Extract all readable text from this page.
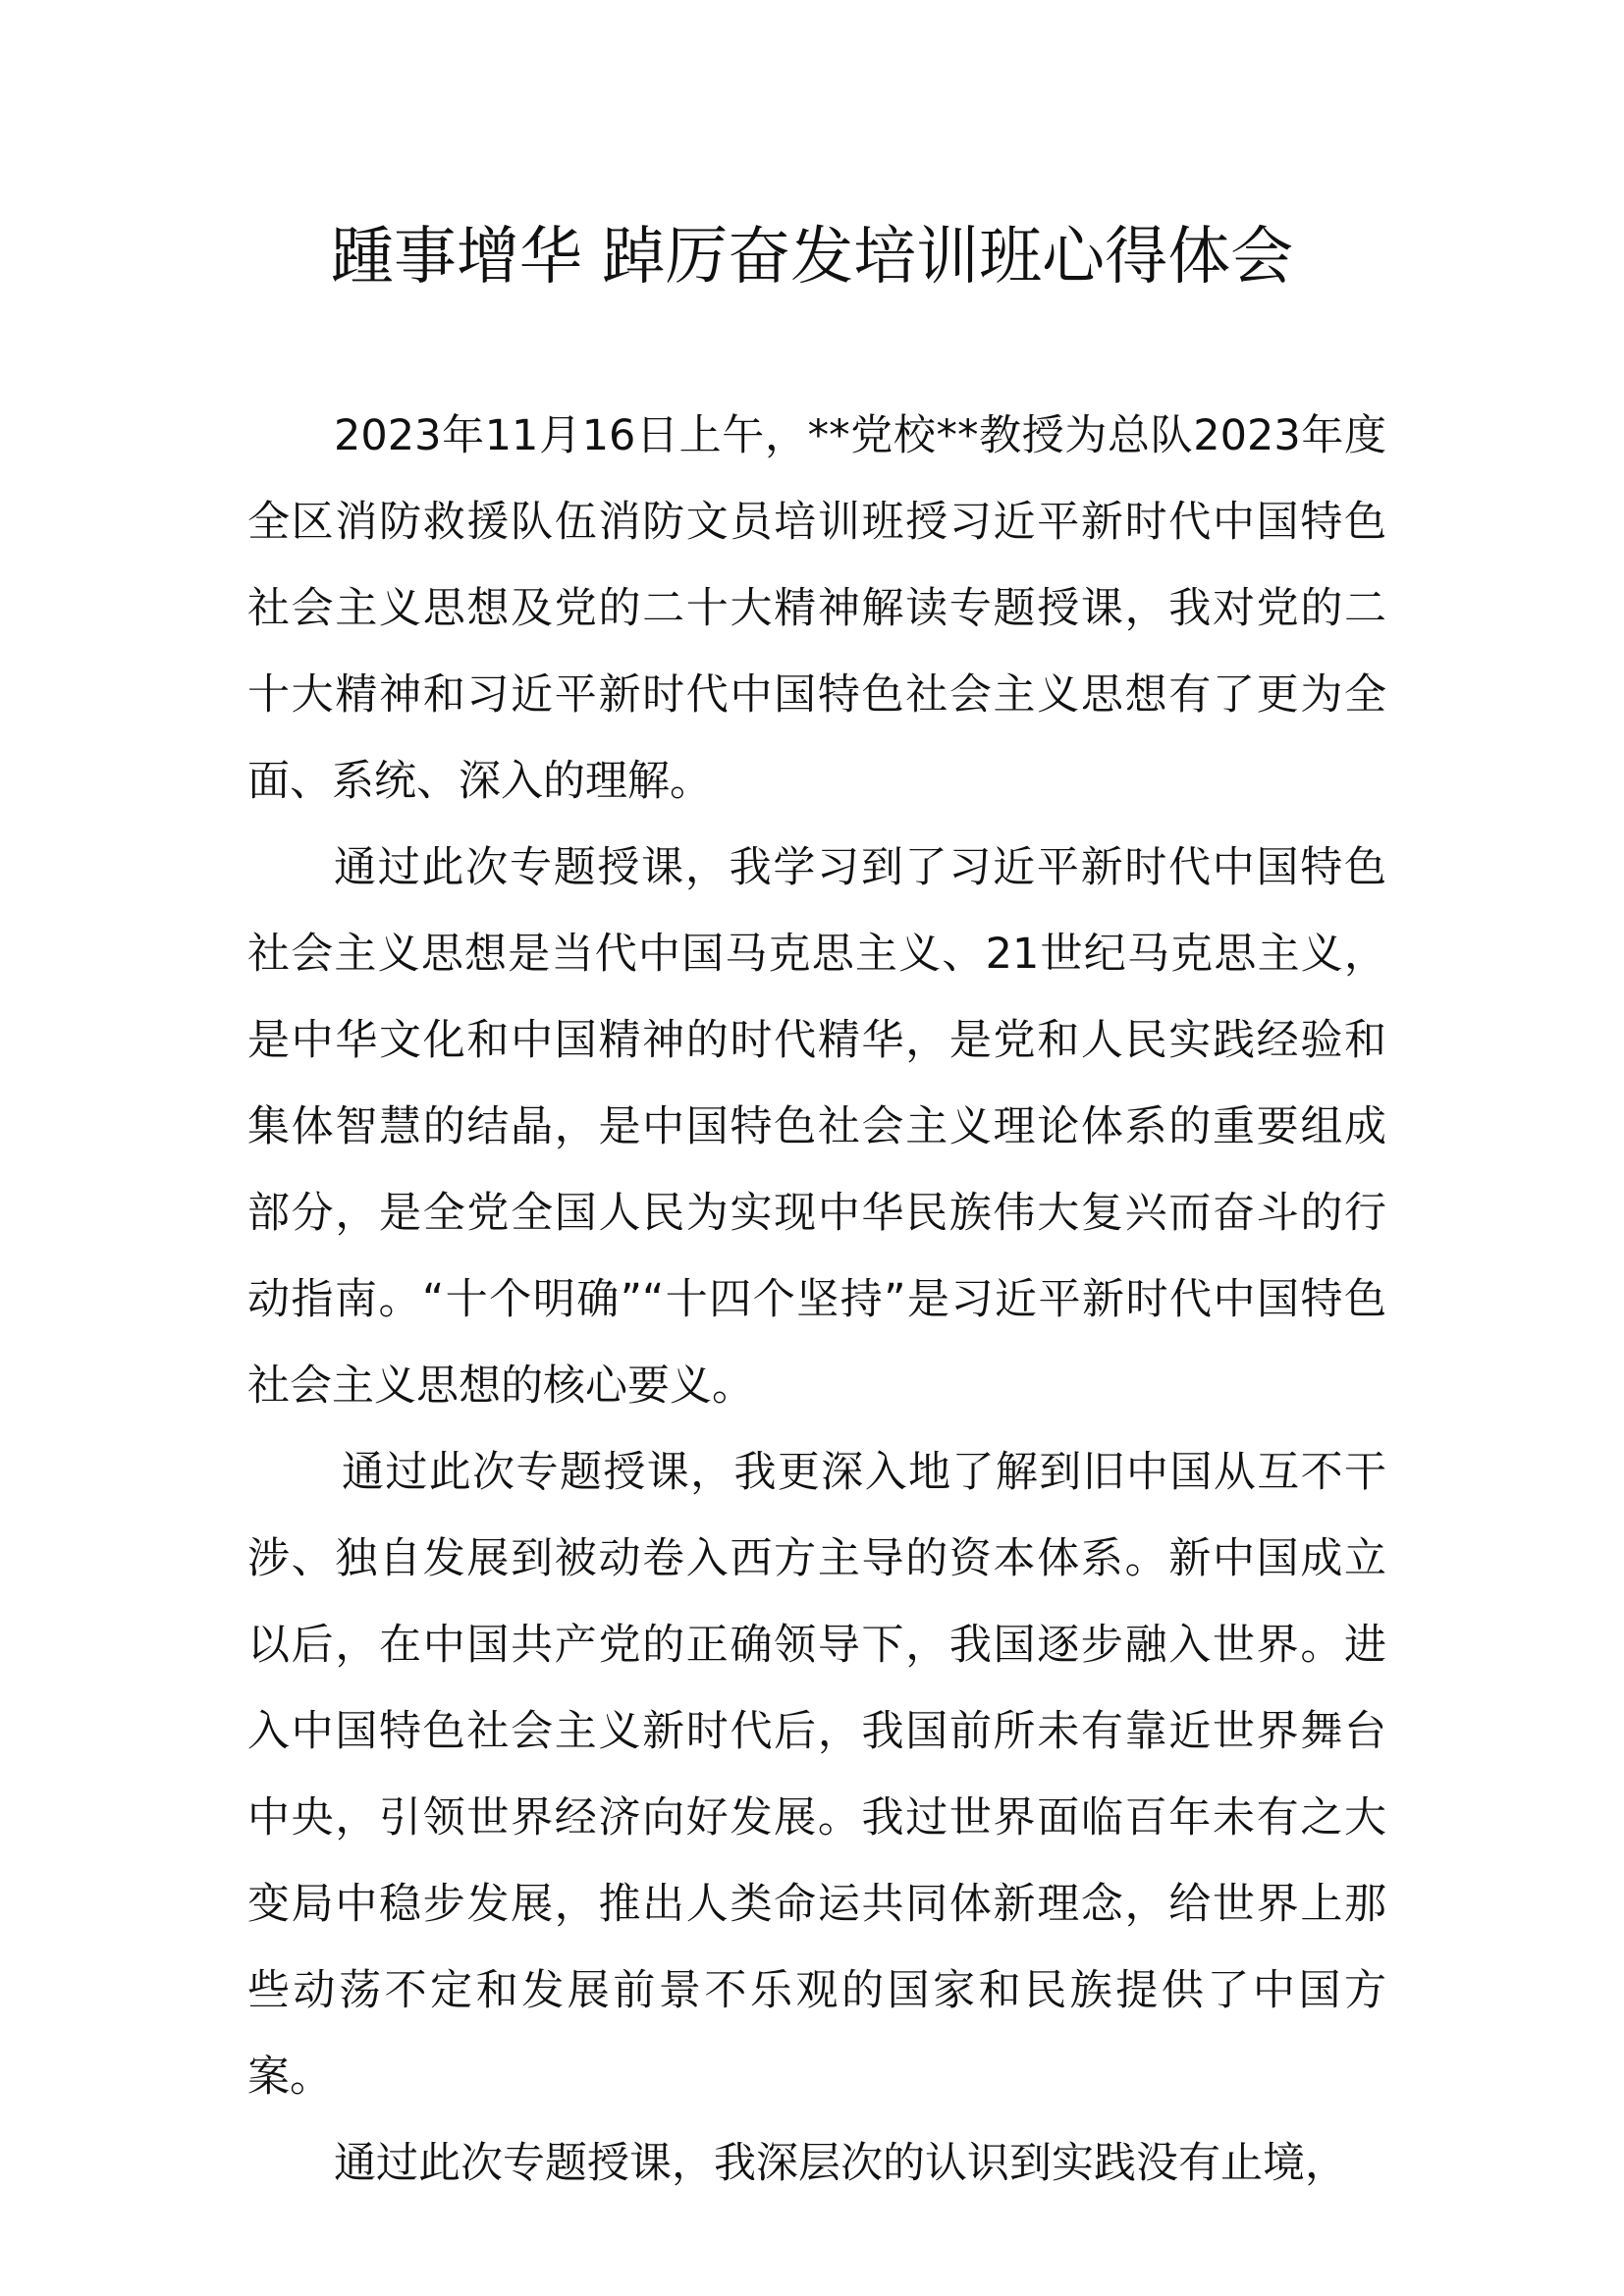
踵事增华 踔厉奋发培训班心得体会

2023年11月16日上午，**党校**教授为总队2023年度全区消防救援队伍消防文员培训班授习近平新时代中国特色社会主义思想及党的二十大精神解读专题授课，我对党的二十大精神和习近平新时代中国特色社会主义思想有了更为全面、系统、深入的理解。

通过此次专题授课，我学习到了习近平新时代中国特色社会主义思想是当代中国马克思主义、21世纪马克思主义，是中华文化和中国精神的时代精华，是党和人民实践经验和集体智慧的结晶，是中国特色社会主义理论体系的重要组成部分，是全党全国人民为实现中华民族伟大复兴而奋斗的行动指南。“十个明确”“十四个坚持”是习近平新时代中国特色社会主义思想的核心要义。

通过此次专题授课，我更深入地了解到旧中国从互不干涉、独自发展到被动卷入西方主导的资本体系。新中国成立以后，在中国共产党的正确领导下，我国逐步融入世界。进入中国特色社会主义新时代后，我国前所未有靠近世界舞台中央，引领世界经济向好发展。我过世界面临百年未有之大变局中稳步发展，推出人类命运共同体新理念，给世界上那些动荡不定和发展前景不乐观的国家和民族提供了中国方案。

通过此次专题授课，我深层次的认识到实践没有止境，
